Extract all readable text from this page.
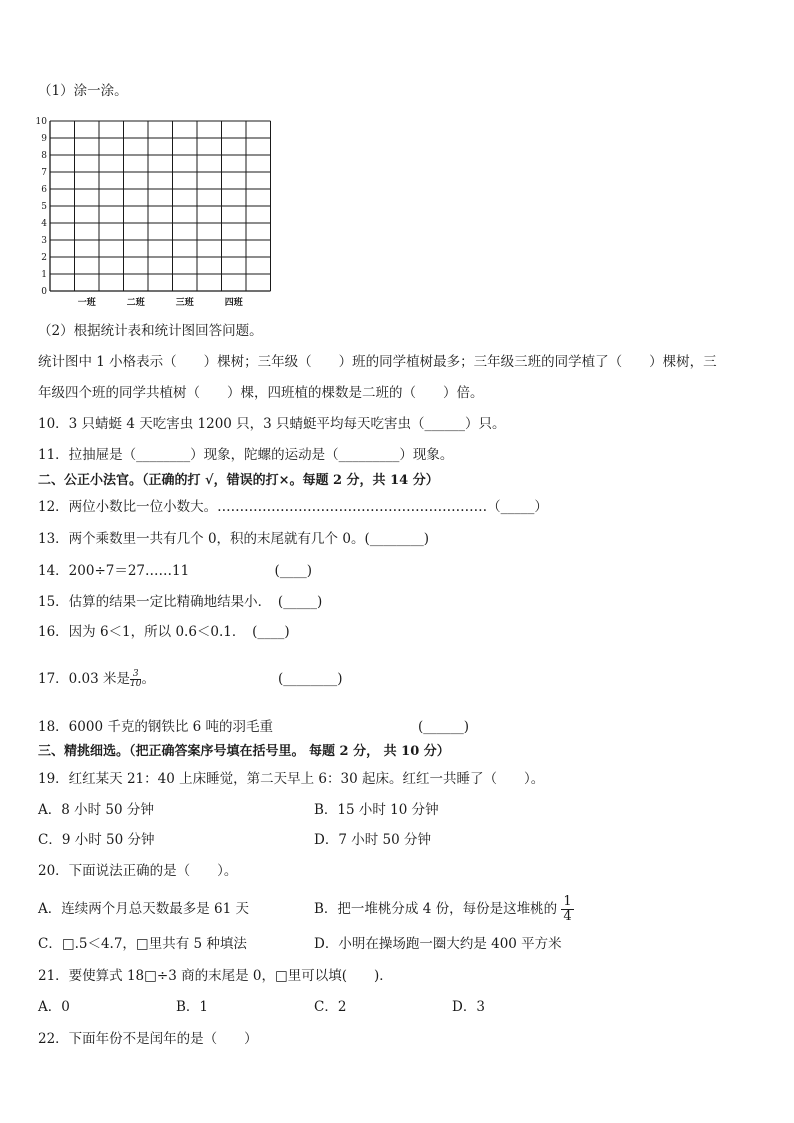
（1）涂一涂。
0
1
2
3
4
5
6
7
8
9
10
一班	二班	三班	四班
（2）根据统计表和统计图回答问题。
统计图中 1 小格表示（　　）棵树；三年级（　　）班的同学植树最多；三年级三班的同学植了（　　）棵树，三
年级四个班的同学共植树（　　）棵，四班植的棵数是二班的（　　）倍。
10．3 只蜻蜓 4 天吃害虫 1200 只，3 只蜻蜓平均每天吃害虫（______）只。
11．拉抽屉是（________）现象，陀螺的运动是（_________）现象。
二、公正小法官。（正确的打 √，错误的打×。每题 2 分，共 14 分）
12．两位小数比一位小数大。……………………………………………………（_____）
13．两个乘数里一共有几个 0，积的末尾就有几个 0。(________)
14．200÷7＝27……11　　　　　　 (____)
15．估算的结果一定比精确地结果小．　(_____)
16．因为 6＜1，所以 0.6＜0.1．　(____)
17．0.03 米是 $\frac{3}{10}$ 。	(________)
18．6000 千克的钢铁比 6 吨的羽毛重	(______)
三、精挑细选。（把正确答案序号填在括号里。 每题 2 分， 共 10 分）
19．红红某天 21：40 上床睡觉，第二天早上 6：30 起床。红红一共睡了（　　）。
A．8 小时 50 分钟	B．15 小时 10 分钟
C．9 小时 50 分钟	D．7 小时 50 分钟
20．下面说法正确的是（　　）。
A．连续两个月总天数最多是 61 天	B．把一堆桃分成 4 份，每份是这堆桃的 $\frac{1}{4}$
C．□.5＜4.7，□里共有 5 种填法	D．小明在操场跑一圈大约是 400 平方米
21．要使算式 18□÷3 商的末尾是 0，□里可以填(　　)．
A．0	B．1	C．2	D．3
22．下面年份不是闰年的是（　　）
